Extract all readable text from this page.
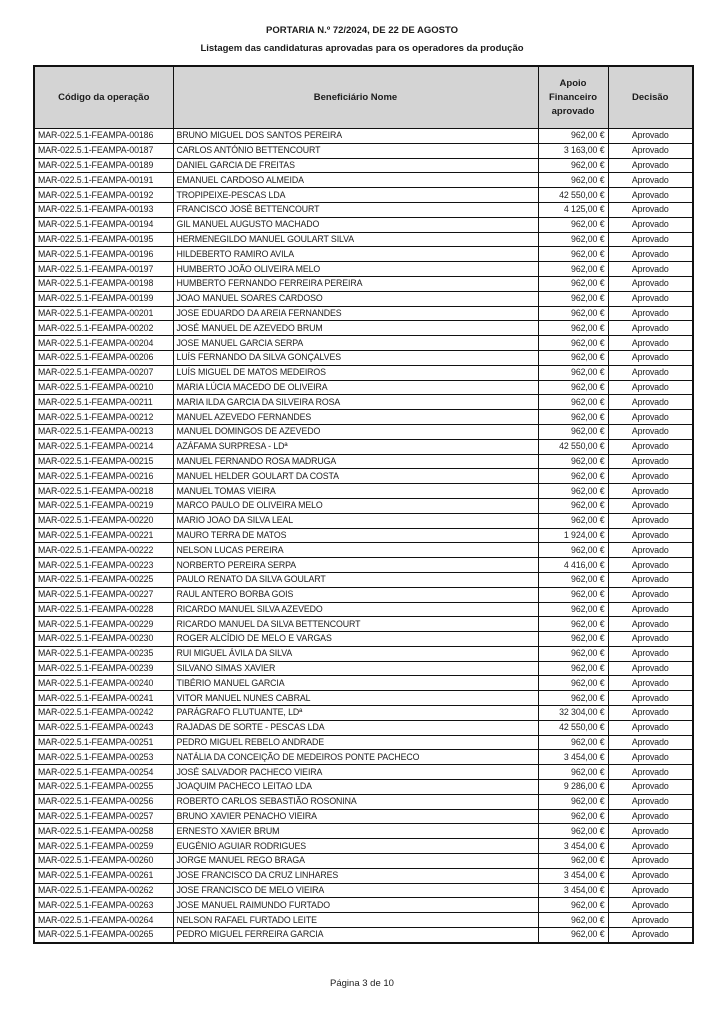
PORTARIA N.º 72/2024, DE 22 DE AGOSTO
Listagem das candidaturas aprovadas para os operadores da produção
Código da operação	Beneficiário Nome	Apoio Financeiro aprovado	Decisão
MAR-022.5.1-FEAMPA-00186	BRUNO MIGUEL DOS SANTOS PEREIRA	962,00 €	Aprovado
MAR-022.5.1-FEAMPA-00187	CARLOS ANTÓNIO BETTENCOURT	3 163,00 €	Aprovado
MAR-022.5.1-FEAMPA-00189	DANIEL GARCIA DE FREITAS	962,00 €	Aprovado
MAR-022.5.1-FEAMPA-00191	EMANUEL CARDOSO ALMEIDA	962,00 €	Aprovado
MAR-022.5.1-FEAMPA-00192	TROPIPEIXE-PESCAS LDA	42 550,00 €	Aprovado
MAR-022.5.1-FEAMPA-00193	FRANCISCO JOSÉ BETTENCOURT	4 125,00 €	Aprovado
MAR-022.5.1-FEAMPA-00194	GIL MANUEL AUGUSTO MACHADO	962,00 €	Aprovado
MAR-022.5.1-FEAMPA-00195	HERMENEGILDO MANUEL GOULART SILVA	962,00 €	Aprovado
MAR-022.5.1-FEAMPA-00196	HILDEBERTO RAMIRO AVILA	962,00 €	Aprovado
MAR-022.5.1-FEAMPA-00197	HUMBERTO JOÃO OLIVEIRA MELO	962,00 €	Aprovado
MAR-022.5.1-FEAMPA-00198	HUMBERTO FERNANDO FERREIRA PEREIRA	962,00 €	Aprovado
MAR-022.5.1-FEAMPA-00199	JOAO MANUEL SOARES CARDOSO	962,00 €	Aprovado
MAR-022.5.1-FEAMPA-00201	JOSE EDUARDO DA AREIA FERNANDES	962,00 €	Aprovado
MAR-022.5.1-FEAMPA-00202	JOSÉ MANUEL DE AZEVEDO BRUM	962,00 €	Aprovado
MAR-022.5.1-FEAMPA-00204	JOSE MANUEL GARCIA SERPA	962,00 €	Aprovado
MAR-022.5.1-FEAMPA-00206	LUÍS FERNANDO DA SILVA GONÇALVES	962,00 €	Aprovado
MAR-022.5.1-FEAMPA-00207	LUÍS MIGUEL DE MATOS MEDEIROS	962,00 €	Aprovado
MAR-022.5.1-FEAMPA-00210	MARIA LÚCIA MACEDO DE OLIVEIRA	962,00 €	Aprovado
MAR-022.5.1-FEAMPA-00211	MARIA ILDA GARCIA DA SILVEIRA ROSA	962,00 €	Aprovado
MAR-022.5.1-FEAMPA-00212	MANUEL AZEVEDO FERNANDES	962,00 €	Aprovado
MAR-022.5.1-FEAMPA-00213	MANUEL DOMINGOS DE AZEVEDO	962,00 €	Aprovado
MAR-022.5.1-FEAMPA-00214	AZÁFAMA SURPRESA - LDª	42 550,00 €	Aprovado
MAR-022.5.1-FEAMPA-00215	MANUEL FERNANDO ROSA MADRUGA	962,00 €	Aprovado
MAR-022.5.1-FEAMPA-00216	MANUEL HELDER GOULART DA COSTA	962,00 €	Aprovado
MAR-022.5.1-FEAMPA-00218	MANUEL TOMAS VIEIRA	962,00 €	Aprovado
MAR-022.5.1-FEAMPA-00219	MARCO PAULO DE OLIVEIRA MELO	962,00 €	Aprovado
MAR-022.5.1-FEAMPA-00220	MARIO JOAO DA SILVA LEAL	962,00 €	Aprovado
MAR-022.5.1-FEAMPA-00221	MAURO TERRA DE MATOS	1 924,00 €	Aprovado
MAR-022.5.1-FEAMPA-00222	NELSON LUCAS PEREIRA	962,00 €	Aprovado
MAR-022.5.1-FEAMPA-00223	NORBERTO PEREIRA SERPA	4 416,00 €	Aprovado
MAR-022.5.1-FEAMPA-00225	PAULO RENATO DA SILVA GOULART	962,00 €	Aprovado
MAR-022.5.1-FEAMPA-00227	RAUL ANTERO BORBA GOIS	962,00 €	Aprovado
MAR-022.5.1-FEAMPA-00228	RICARDO MANUEL SILVA AZEVEDO	962,00 €	Aprovado
MAR-022.5.1-FEAMPA-00229	RICARDO MANUEL DA SILVA BETTENCOURT	962,00 €	Aprovado
MAR-022.5.1-FEAMPA-00230	ROGER ALCÍDIO DE MELO E VARGAS	962,00 €	Aprovado
MAR-022.5.1-FEAMPA-00235	RUI MIGUEL ÁVILA DA SILVA	962,00 €	Aprovado
MAR-022.5.1-FEAMPA-00239	SILVANO SIMAS XAVIER	962,00 €	Aprovado
MAR-022.5.1-FEAMPA-00240	TIBÉRIO MANUEL GARCIA	962,00 €	Aprovado
MAR-022.5.1-FEAMPA-00241	VITOR MANUEL NUNES CABRAL	962,00 €	Aprovado
MAR-022.5.1-FEAMPA-00242	PARÁGRAFO FLUTUANTE, LDª	32 304,00 €	Aprovado
MAR-022.5.1-FEAMPA-00243	RAJADAS DE SORTE - PESCAS LDA	42 550,00 €	Aprovado
MAR-022.5.1-FEAMPA-00251	PEDRO MIGUEL REBELO ANDRADE	962,00 €	Aprovado
MAR-022.5.1-FEAMPA-00253	NATÁLIA DA CONCEIÇÃO DE MEDEIROS PONTE PACHECO	3 454,00 €	Aprovado
MAR-022.5.1-FEAMPA-00254	JOSÉ SALVADOR PACHECO VIEIRA	962,00 €	Aprovado
MAR-022.5.1-FEAMPA-00255	JOAQUIM PACHECO LEITAO LDA	9 286,00 €	Aprovado
MAR-022.5.1-FEAMPA-00256	ROBERTO CARLOS SEBASTIÃO ROSONINA	962,00 €	Aprovado
MAR-022.5.1-FEAMPA-00257	BRUNO XAVIER PENACHO VIEIRA	962,00 €	Aprovado
MAR-022.5.1-FEAMPA-00258	ERNESTO XAVIER BRUM	962,00 €	Aprovado
MAR-022.5.1-FEAMPA-00259	EUGÉNIO AGUIAR RODRIGUES	3 454,00 €	Aprovado
MAR-022.5.1-FEAMPA-00260	JORGE MANUEL REGO BRAGA	962,00 €	Aprovado
MAR-022.5.1-FEAMPA-00261	JOSE FRANCISCO DA CRUZ LINHARES	3 454,00 €	Aprovado
MAR-022.5.1-FEAMPA-00262	JOSE FRANCISCO DE MELO VIEIRA	3 454,00 €	Aprovado
MAR-022.5.1-FEAMPA-00263	JOSE MANUEL RAIMUNDO FURTADO	962,00 €	Aprovado
MAR-022.5.1-FEAMPA-00264	NELSON RAFAEL FURTADO LEITE	962,00 €	Aprovado
MAR-022.5.1-FEAMPA-00265	PEDRO MIGUEL FERREIRA GARCIA	962,00 €	Aprovado
Página 3 de 10
